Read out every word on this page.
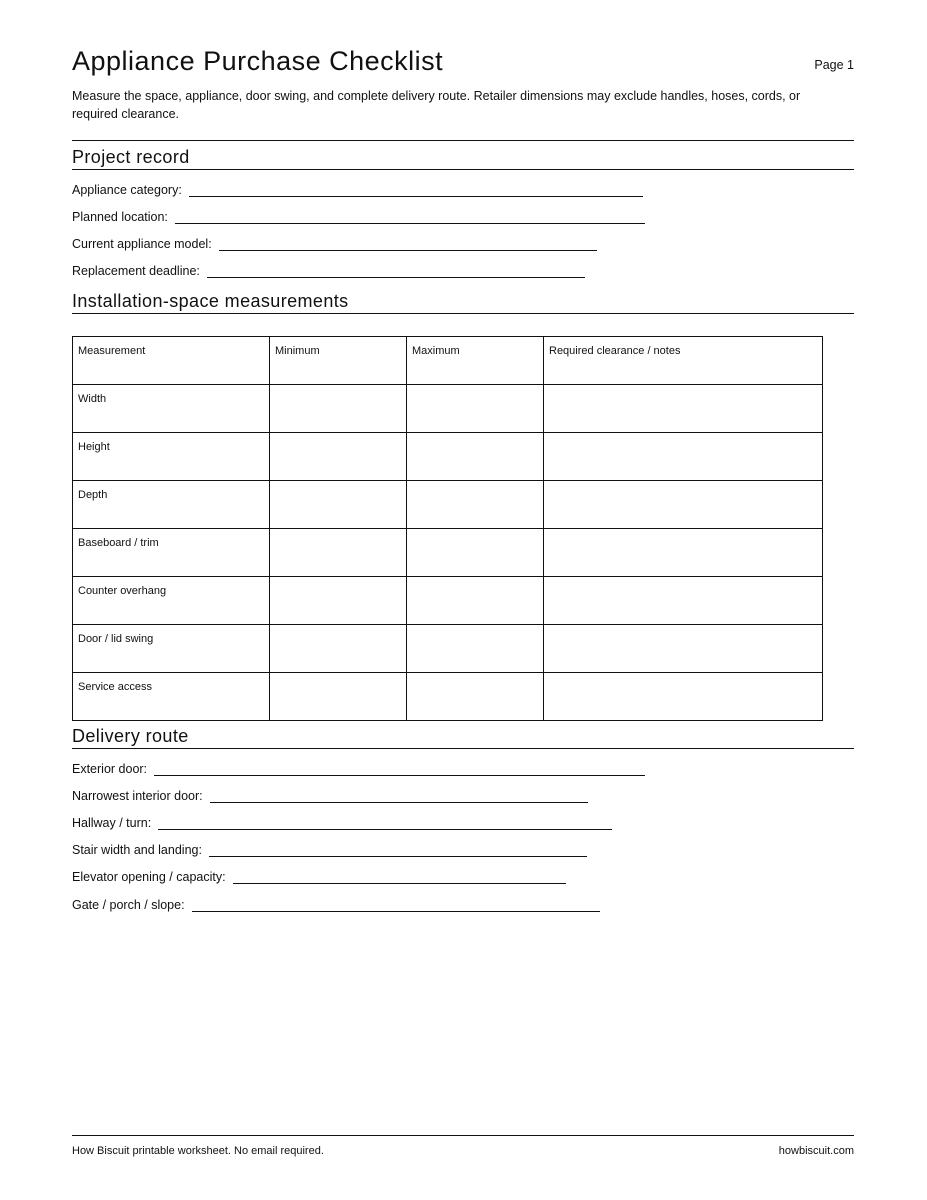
Appliance Purchase Checklist	Page 1

Measure the space, appliance, door swing, and complete delivery route. Retailer dimensions may exclude handles, hoses, cords, or required clearance.

Project record
Appliance category:
Planned location:
Current appliance model:
Replacement deadline:
Installation-space measurements
Measurement	Minimum	Maximum	Required clearance / notes

Width			

Height			

Depth			

Baseboard / trim			

Counter overhang			

Door / lid swing			

Service access			

Delivery route
Exterior door:
Narrowest interior door:
Hallway / turn:
Stair width and landing:
Elevator opening / capacity:
Gate / porch / slope:
How Biscuit printable worksheet. No email required.	howbiscuit.com
